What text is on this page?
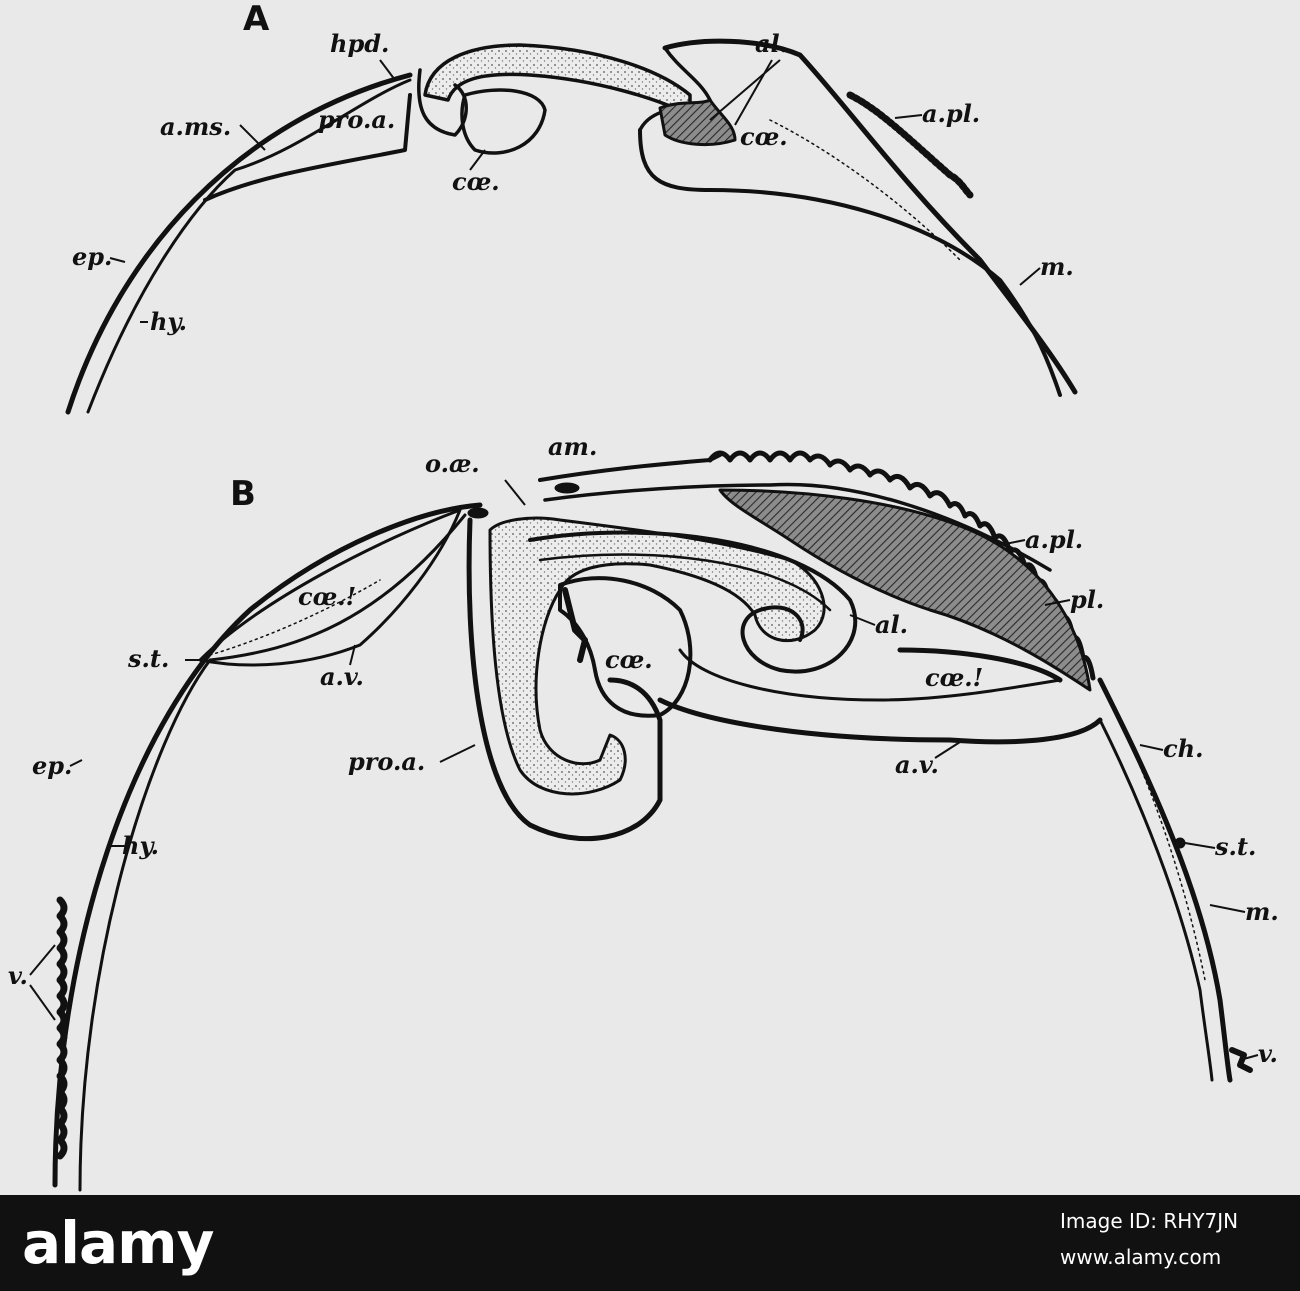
A
hpd.	al.
a.pl.
a.ms.	pro.a.
cœ.
cœ.
ep.
hy.
m.
B
o.æ.
am.
a.pl.
pl.
cœ.!
al.
s.t.
a.v.
cœ.
cœ.!
ep.
ch.
pro.a.	a.v.
hy.	s.t.
m.
v.
v.
alamy	Image ID: RHY7JN
www.alamy.com
